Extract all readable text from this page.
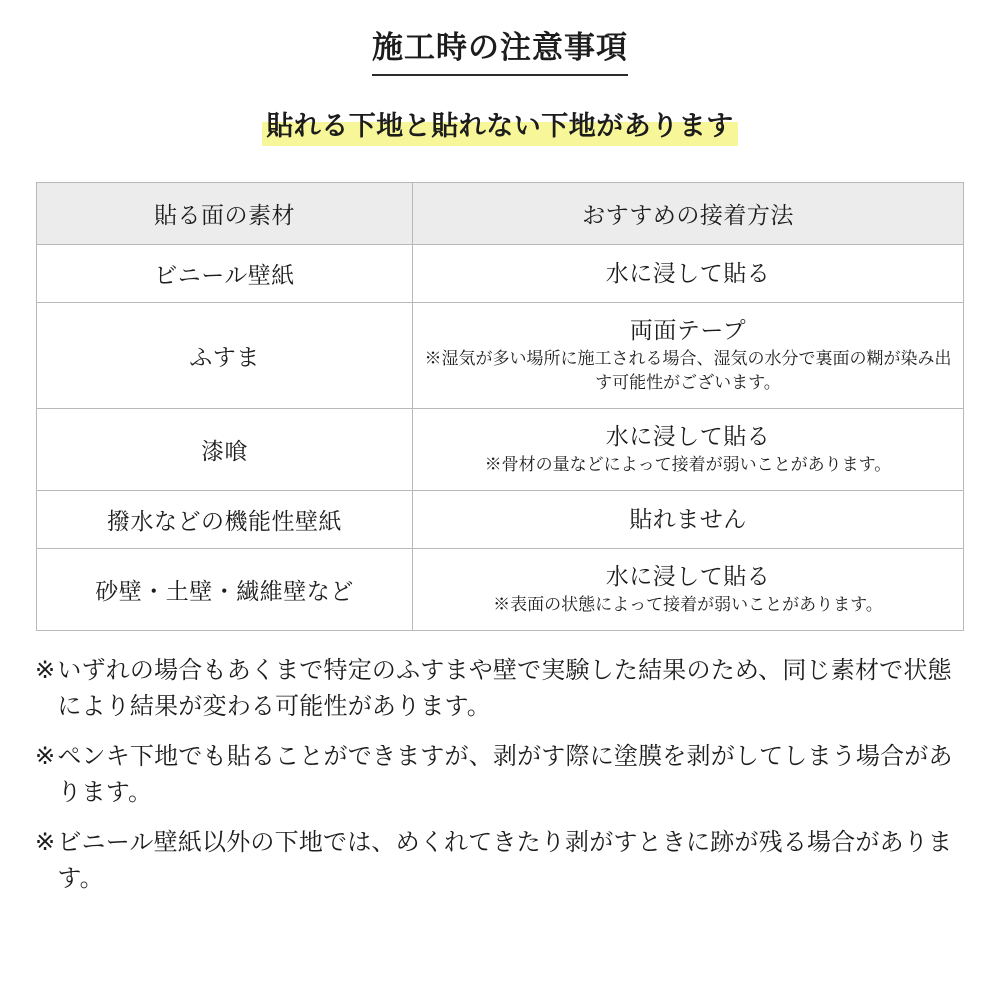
施工時の注意事項
貼れる下地と貼れない下地があります
貼る面の素材	おすすめの接着方法
ビニール壁紙	水に浸して貼る

ふすま	両面テープ
※湿気が多い場所に施工される場合、湿気の水分で裏面の糊が染み出す可能性がございます。

漆喰	水に浸して貼る
※骨材の量などによって接着が弱いことがあります。

撥水などの機能性壁紙	貼れません

砂壁・土壁・繊維壁など	水に浸して貼る
※表面の状態によって接着が弱いことがあります。
※ いずれの場合もあくまで特定のふすまや壁で実験した結果のため、同じ素材で状態により結果が変わる可能性があります。
※ ペンキ下地でも貼ることができますが、剥がす際に塗膜を剥がしてしまう場合があります。
※ ビニール壁紙以外の下地では、めくれてきたり剥がすときに跡が残る場合があります。
